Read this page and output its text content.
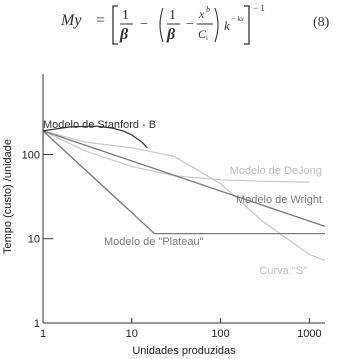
My = 1
β
−
1
β
−
x b
C i
k − kx
− 1
(8)
1	10	100	1000
1
10
100
Modelo de Stanford - B
Modelo de DeJong
Modelo de Wright
Modelo de "Plateau"
Curva "S"
Unidades produzidas
Tempo (custo) /unidade
